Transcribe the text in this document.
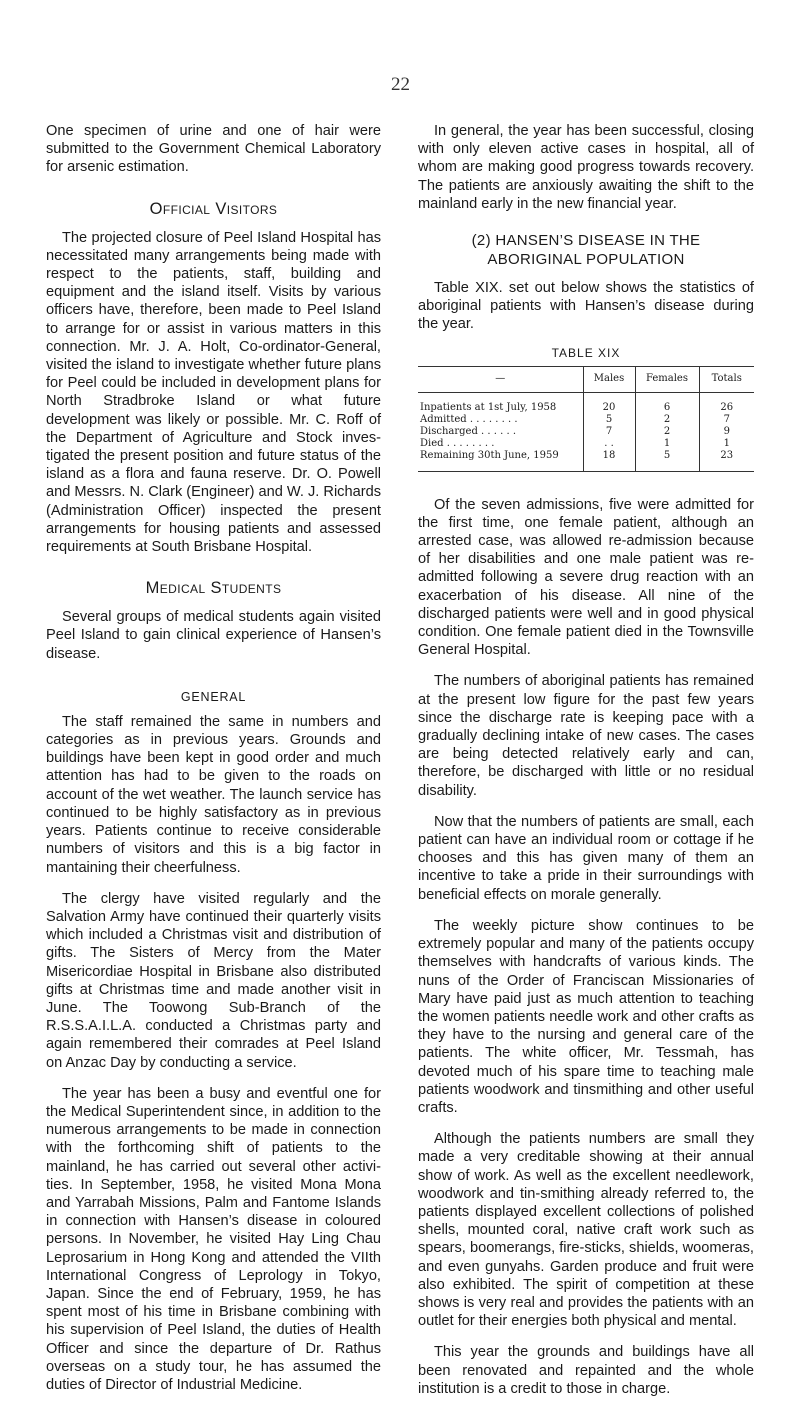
22

One specimen of urine and one of hair were submitted to the Government Chemical Laboratory for arsenic estimation.

Official Visitors

The projected closure of Peel Island Hospital has necessitated many arrangements being made with respect to the patients, staff, building and equipment and the island itself. Visits by various officers have, therefore, been made to Peel Island to arrange for or assist in various matters in this connection. Mr. J. A. Holt, Co-ordinator-General, visited the island to investigate whether future plans for Peel could be included in development plans for North Stradbroke Island or what future development was likely or possible. Mr. C. Roff of the Department of Agriculture and Stock investigated the present position and future status of the island as a flora and fauna reserve. Dr. O. Powell and Messrs. N. Clark (Engineer) and W. J. Richards (Administration Officer) inspected the present arrangements for housing patients and assessed requirements at South Brisbane Hospital.

Medical Students

Several groups of medical students again visited Peel Island to gain clinical experience of Hansen’s disease.

GENERAL

The staff remained the same in numbers and categories as in previous years. Grounds and buildings have been kept in good order and much attention has had to be given to the roads on account of the wet weather. The launch service has continued to be highly satisfactory as in previous years. Patients continue to receive considerable numbers of visitors and this is a big factor in mantaining their cheerfulness.

The clergy have visited regularly and the Salvation Army have continued their quarterly visits which included a Christmas visit and distribution of gifts. The Sisters of Mercy from the Mater Misericordiae Hospital in Brisbane also distributed gifts at Christmas time and made another visit in June. The Toowong Sub-Branch of the R.S.S.A.I.L.A. conducted a Christmas party and again remembered their comrades at Peel Island on Anzac Day by conducting a service.

The year has been a busy and eventful one for the Medical Superintendent since, in addition to the numerous arrangements to be made in connection with the forthcoming shift of patients to the mainland, he has carried out several other activities. In September, 1958, he visited Mona Mona and Yarrabah Missions, Palm and Fantome Islands in connection with Hansen’s disease in coloured persons. In November, he visited Hay Ling Chau Leprosarium in Hong Kong and attended the VIIth International Congress of Leprology in Tokyo, Japan. Since the end of February, 1959, he has spent most of his time in Brisbane combining with his supervision of Peel Island, the duties of Health Officer and since the departure of Dr. Rathus overseas on a study tour, he has assumed the duties of Director of Industrial Medicine.

In general, the year has been successful, closing with only eleven active cases in hospital, all of whom are making good progress towards recovery. The patients are anxiously awaiting the shift to the mainland early in the new financial year.

(2) HANSEN’S DISEASE IN THE
ABORIGINAL POPULATION

Table XIX. set out below shows the statistics of aboriginal patients with Hansen’s disease during the year.

TABLE XIX
—	Males	Females	Totals
Inpatients at 1st July, 1958	20	6	26
Admitted . . . . . . . .	5	2	7
Discharged . . . . . .	7	2	9
Died . . . . . . . .	. .	1	1
Remaining 30th June, 1959	18	5	23

Of the seven admissions, five were admitted for the first time, one female patient, although an arrested case, was allowed re-admission because of her disabilities and one male patient was re-admitted following a severe drug reaction with an exacerbation of his disease. All nine of the discharged patients were well and in good physical condition. One female patient died in the Townsville General Hospital.

The numbers of aboriginal patients has remained at the present low figure for the past few years since the discharge rate is keeping pace with a gradually declining intake of new cases. The cases are being detected relatively early and can, therefore, be discharged with little or no residual disability.

Now that the numbers of patients are small, each patient can have an individual room or cottage if he chooses and this has given many of them an incentive to take a pride in their surroundings with beneficial effects on morale generally.

The weekly picture show continues to be extremely popular and many of the patients occupy themselves with handcrafts of various kinds. The nuns of the Order of Franciscan Missionaries of Mary have paid just as much attention to teaching the women patients needle work and other crafts as they have to the nursing and general care of the patients. The white officer, Mr. Tessmah, has devoted much of his spare time to teaching male patients woodwork and tinsmithing and other useful crafts.

Although the patients numbers are small they made a very creditable showing at their annual show of work. As well as the excellent needlework, woodwork and tin-smithing already referred to, the patients displayed excellent collections of polished shells, mounted coral, native craft work such as spears, boomerangs, fire-sticks, shields, woomeras, and even gunyahs. Garden produce and fruit were also exhibited. The spirit of competition at these shows is very real and provides the patients with an outlet for their energies both physical and mental.

This year the grounds and buildings have all been renovated and repainted and the whole institution is a credit to those in charge.
